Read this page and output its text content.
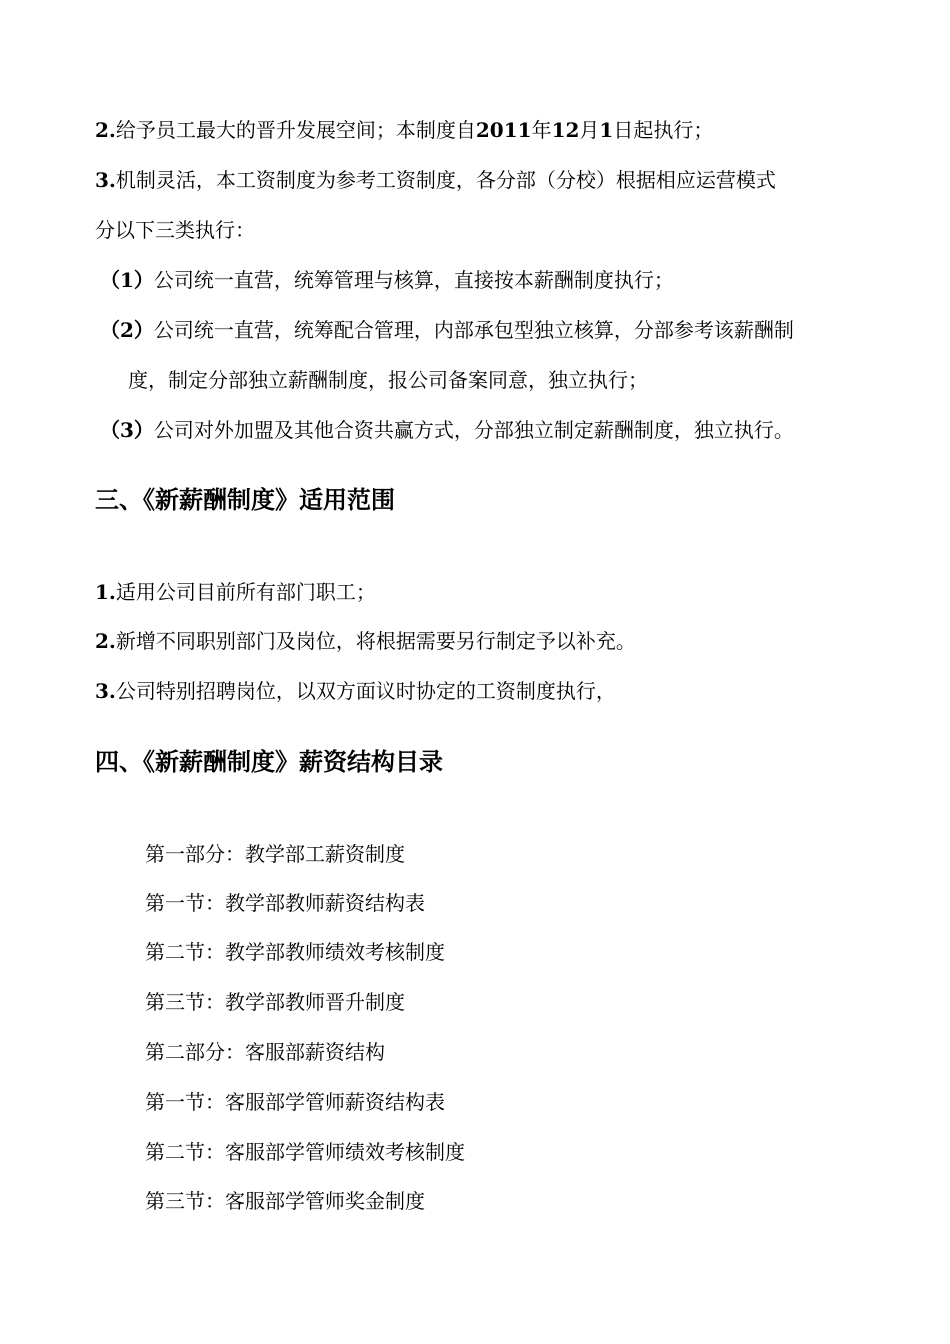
2.给予员工最大的晋升发展空间；本制度自2011年12月1日起执行；
3.机制灵活，本工资制度为参考工资制度，各分部（分校）根据相应运营模式
分以下三类执行：
（1）公司统一直营，统筹管理与核算，直接按本薪酬制度执行；
（2）公司统一直营，统筹配合管理，内部承包型独立核算，分部参考该薪酬制
度，制定分部独立薪酬制度，报公司备案同意，独立执行；
（3）公司对外加盟及其他合资共赢方式，分部独立制定薪酬制度，独立执行。
三、《新薪酬制度》适用范围
1.适用公司目前所有部门职工；
2.新增不同职别部门及岗位，将根据需要另行制定予以补充。
3.公司特别招聘岗位，以双方面议时协定的工资制度执行，
四、《新薪酬制度》薪资结构目录
第一部分：教学部工薪资制度
第一节：教学部教师薪资结构表
第二节：教学部教师绩效考核制度
第三节：教学部教师晋升制度
第二部分：客服部薪资结构
第一节：客服部学管师薪资结构表
第二节：客服部学管师绩效考核制度
第三节：客服部学管师奖金制度
